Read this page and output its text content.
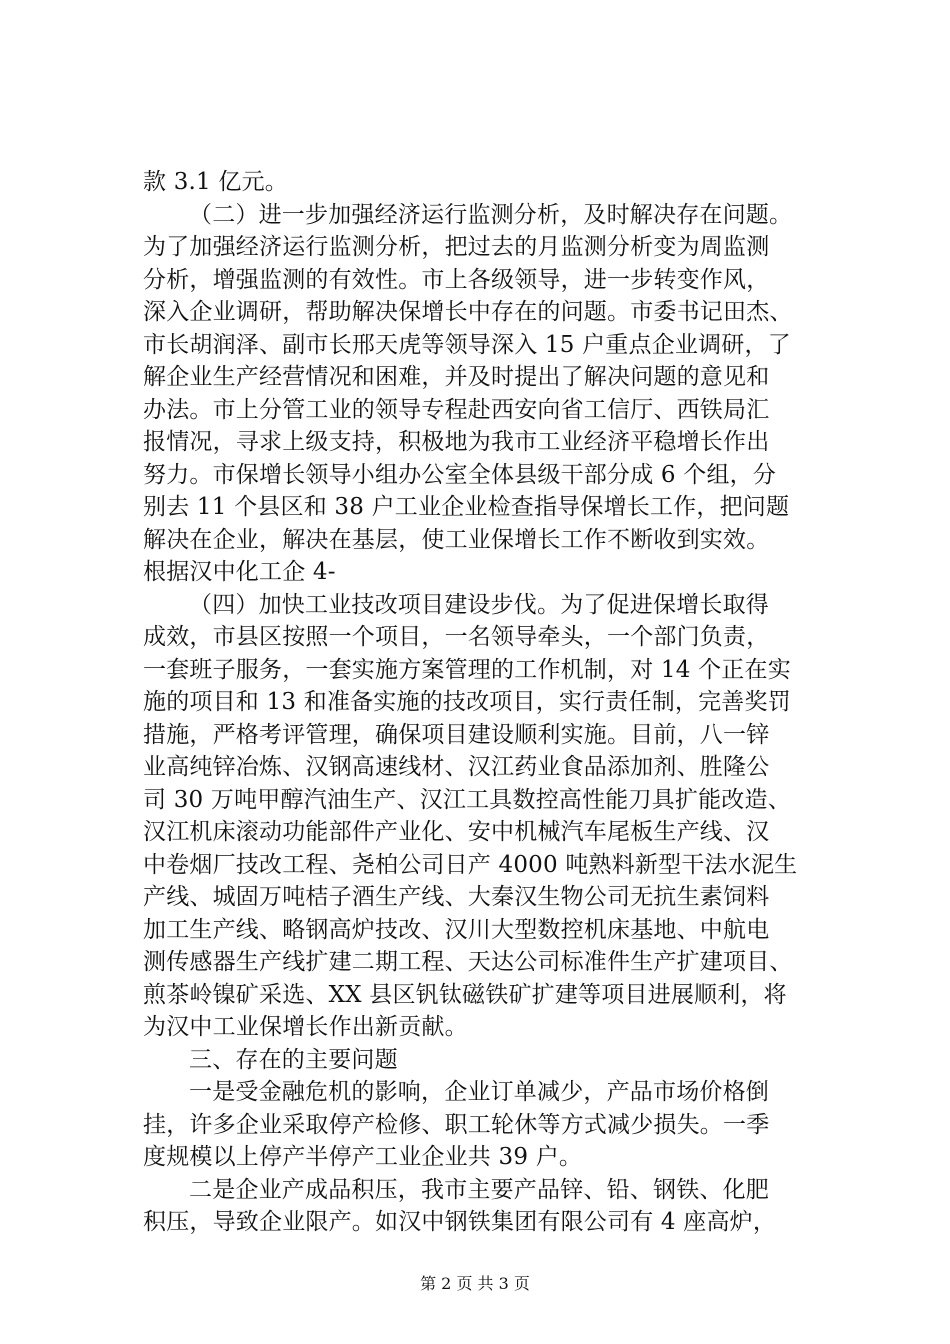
款 3.1 亿元。
（二）进一步加强经济运行监测分析，及时解决存在问题。
为了加强经济运行监测分析，把过去的月监测分析变为周监测
分析，增强监测的有效性。市上各级领导，进一步转变作风，
深入企业调研，帮助解决保增长中存在的问题。市委书记田杰、
市长胡润泽、副市长邢天虎等领导深入 15 户重点企业调研，了
解企业生产经营情况和困难，并及时提出了解决问题的意见和
办法。市上分管工业的领导专程赴西安向省工信厅、西铁局汇
报情况，寻求上级支持，积极地为我市工业经济平稳增长作出
努力。市保增长领导小组办公室全体县级干部分成 6 个组，分
别去 11 个县区和 38 户工业企业检查指导保增长工作，把问题
解决在企业，解决在基层，使工业保增长工作不断收到实效。
根据汉中化工企 4-
（四）加快工业技改项目建设步伐。为了促进保增长取得
成效，市县区按照一个项目，一名领导牵头，一个部门负责，
一套班子服务，一套实施方案管理的工作机制，对 14 个正在实
施的项目和 13 和准备实施的技改项目，实行责任制，完善奖罚
措施，严格考评管理，确保项目建设顺利实施。目前，八一锌
业高纯锌冶炼、汉钢高速线材、汉江药业食品添加剂、胜隆公
司 30 万吨甲醇汽油生产、汉江工具数控高性能刀具扩能改造、
汉江机床滚动功能部件产业化、安中机械汽车尾板生产线、汉
中卷烟厂技改工程、尧柏公司日产 4000 吨熟料新型干法水泥生
产线、城固万吨桔子酒生产线、大秦汉生物公司无抗生素饲料
加工生产线、略钢高炉技改、汉川大型数控机床基地、中航电
测传感器生产线扩建二期工程、天达公司标准件生产扩建项目、
煎茶岭镍矿采选、XX 县区钒钛磁铁矿扩建等项目进展顺利，将
为汉中工业保增长作出新贡献。
三、存在的主要问题
一是受金融危机的影响，企业订单减少，产品市场价格倒
挂，许多企业采取停产检修、职工轮休等方式减少损失。一季
度规模以上停产半停产工业企业共 39 户。
二是企业产成品积压，我市主要产品锌、铅、钢铁、化肥
积压，导致企业限产。如汉中钢铁集团有限公司有 4 座高炉，
第 2 页 共 3 页
